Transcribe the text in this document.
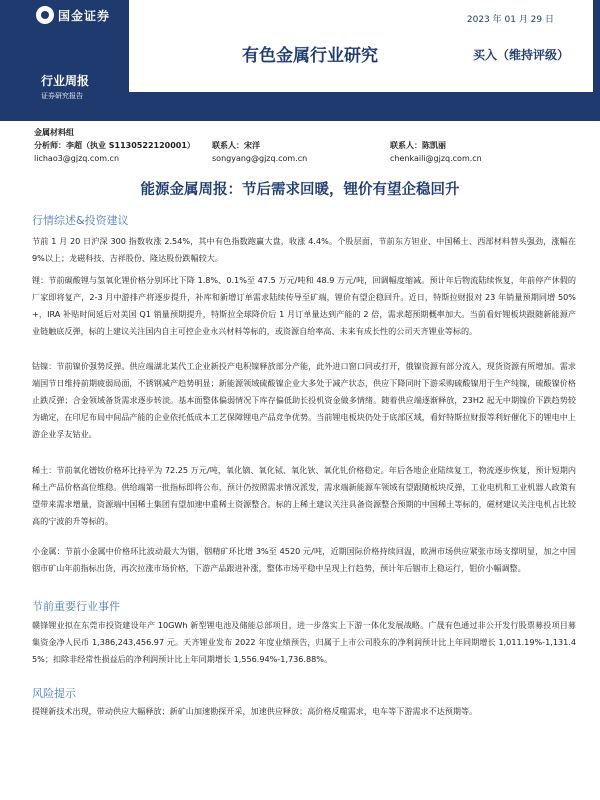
国金证券	2023 年 01 月 29 日
有色金属行业研究	买入（维持评级）
行业周报
证券研究报告
金属材料组
分析师：李超（执业 S1130522120001）
lichao3@gjzq.com.cn
联系人：宋洋
songyang@gjzq.com.cn
联系人：陈凯丽
chenkaili@gjzq.com.cn
能源金属周报：节后需求回暖，锂价有望企稳回升
行情综述&投资建议
节前 1 月 20 日沪深 300 指数收涨 2.54%，其中有色指数跑赢大盘，收涨 4.4%。个股层面，节前东方钽业、中国稀土、西部材料替头强劲，涨幅在 9%以上；龙磁科技、吉祥股份、隆达股份跌幅较大。
锂：节前碳酸锂与氢氧化锂价格分别环比下降 1.8%、0.1%至 47.5 万元/吨和 48.9 万元/吨，回调幅度缩减。预计年后物流陆续恢复，年前停产休假的厂家即将复产，2-3 月中游排产将逐步提升，补库和新增订单需求陆续传导至矿端，锂价有望企稳回升。近日，特斯拉财报对 23 年销量预期同增 50%+，IRA 补贴时间延后对美国 Q1 销量预期提升，特斯拉全球降价后 1 月订单量达到产能的 2 倍，需求超预期概率加大。当前看好锂板块跟随新能源产业链触底反弹，标的上建议关注国内自主可控企业永兴材料等标的，或资源自给率高、未来有成长性的公司天齐锂业等标的。
钴镍：节前镍价强势反弹。供应端湖北某代工企业新投产电积镍释放部分产能，此外进口窗口同或打开，俄镍资源有部分流入，现货资源有所增加。需求端国节日维持前期疲弱局面，不锈钢减产趋势明显；新能源领域硫酸镍企业大多处于减产状态，供应下降同时下游采购硫酸镍用于生产纯镍，硫酸镍价格止跌反弹；合金领域备货需求逐步转淡。基本面整体偏弱情况下库存偏低助长投机资金做多情绪。随着供应端逐渐释放，23H2 起无中期镍价下跌趋势较为确定，在印尼布局中间品产能的企业依托低成本工艺保障锂电产品竞争优势。当前锂电板块仍处于底部区域，看好特斯拉财报等利好催化下的锂电中上游企业孚友钴业。
稀土：节前氧化镨钕价格环比持平为 72.25 万元/吨，氧化镝、氧化铽、氧化钬、氧化钆价格稳定。年后各地企业陆续复工，物流逐步恢复，预计短期内稀土产品价格高位维稳。供给端第一批指标即将公布，预计仍按照需求情况派发，需求端新能源车领域有望跟随板块反弹，工业电机和工业机器人政策有望带来需求增量，资源端中国稀土集团有望加速中重稀土资源整合。标的上稀土建议关注具备资源整合预期的中国稀土等标的，磁材建议关注电机占比较高的宁波韵升等标的。
小金属：节前小金属中价格环比波动最大为铟，铟精矿环比增 3%至 4520 元/吨，近期国际价格持续回温，欧洲市场供应紧张市场支撑明显，加之中国铟市矿山年前指标出货，再次拉涨市场价格，下游产品跟进补涨，整体市场平稳中呈现上行趋势，预计年后铟市上稳运行，钼价小幅调整。
节前重要行业事件
赣锋锂业拟在东莞市投资建设年产 10GWh 新型锂电池及储能总部项目，进一步落实上下游一体化发展战略。广晟有色通过非公开发行股票募投项目募集资金净人民币 1,386,243,456.97 元。天齐锂业发布 2022 年度业绩预告，归属于上市公司股东的净利润预计比上年同期增长 1,011.19%-1,131.45%；扣除非经常性损益后的净利润预计比上年同期增长 1,556.94%-1,736.88%。
风险提示
提锂新技术出现，带动供应大幅释放；新矿山加速勘探开采，加速供应释放；高价格反噬需求，电车等下游需求不达预期等。
